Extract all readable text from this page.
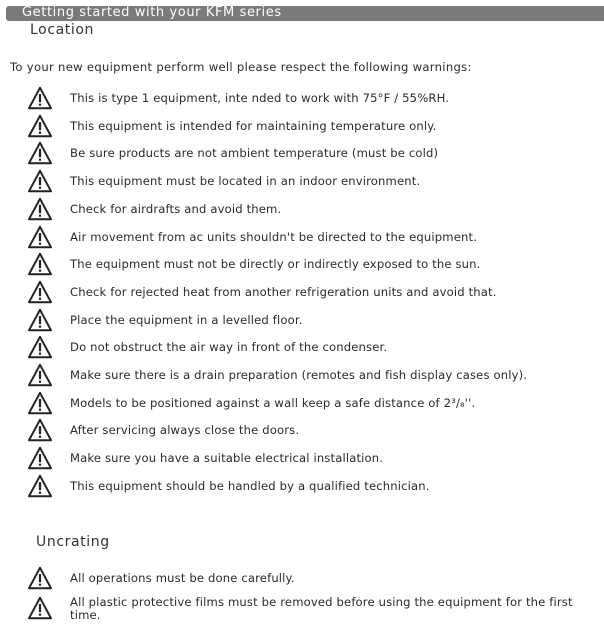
Getting started with your KFM series
Location
To your new equipment perform well please respect the following warnings:
This is type 1 equipment, inte nded to work with 75°F / 55%RH.
This equipment is intended for maintaining temperature only.
Be sure products are not ambient temperature (must be cold)
This equipment must be located in an indoor environment.
Check for airdrafts and avoid them.
Air movement from ac units shouldn't be directed to the equipment.
The equipment must not be directly or indirectly exposed to the sun.
Check for rejected heat from another refrigeration units and avoid that.
Place the equipment in a levelled floor.
Do not obstruct the air way in front of the condenser.
Make sure there is a drain preparation (remotes and fish display cases only).
Models to be positioned against a wall keep a safe distance of 2³/₈''.
After servicing always close the doors.
Make sure you have a suitable electrical installation.
This equipment should be handled by a qualified technician.
Uncrating
All operations must be done carefully.
All plastic protective films must be removed before using the equipment for the first time.
